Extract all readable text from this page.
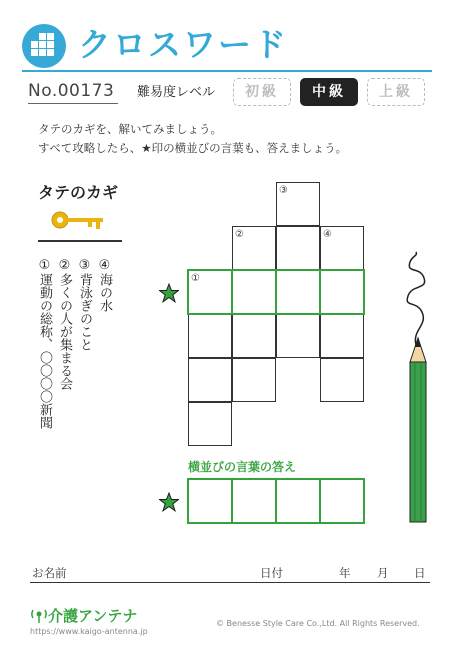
クロスワード
No.00173 難易度レベル	初級	中級	上級
タテのカギを、解いてみましょう。
すべて攻略したら、★印の横並びの言葉も、答えましょう。
タテのカギ
④海の水
③背泳ぎのこと
②多くの人が集まる会
①運動の総称、〇〇〇〇新聞
③
②	④
①
横並びの言葉の答え
お名前	日付	年 月 日
介護アンテナ
https://www.kaigo-antenna.jp
© Benesse Style Care Co.,Ltd. All Rights Reserved.
